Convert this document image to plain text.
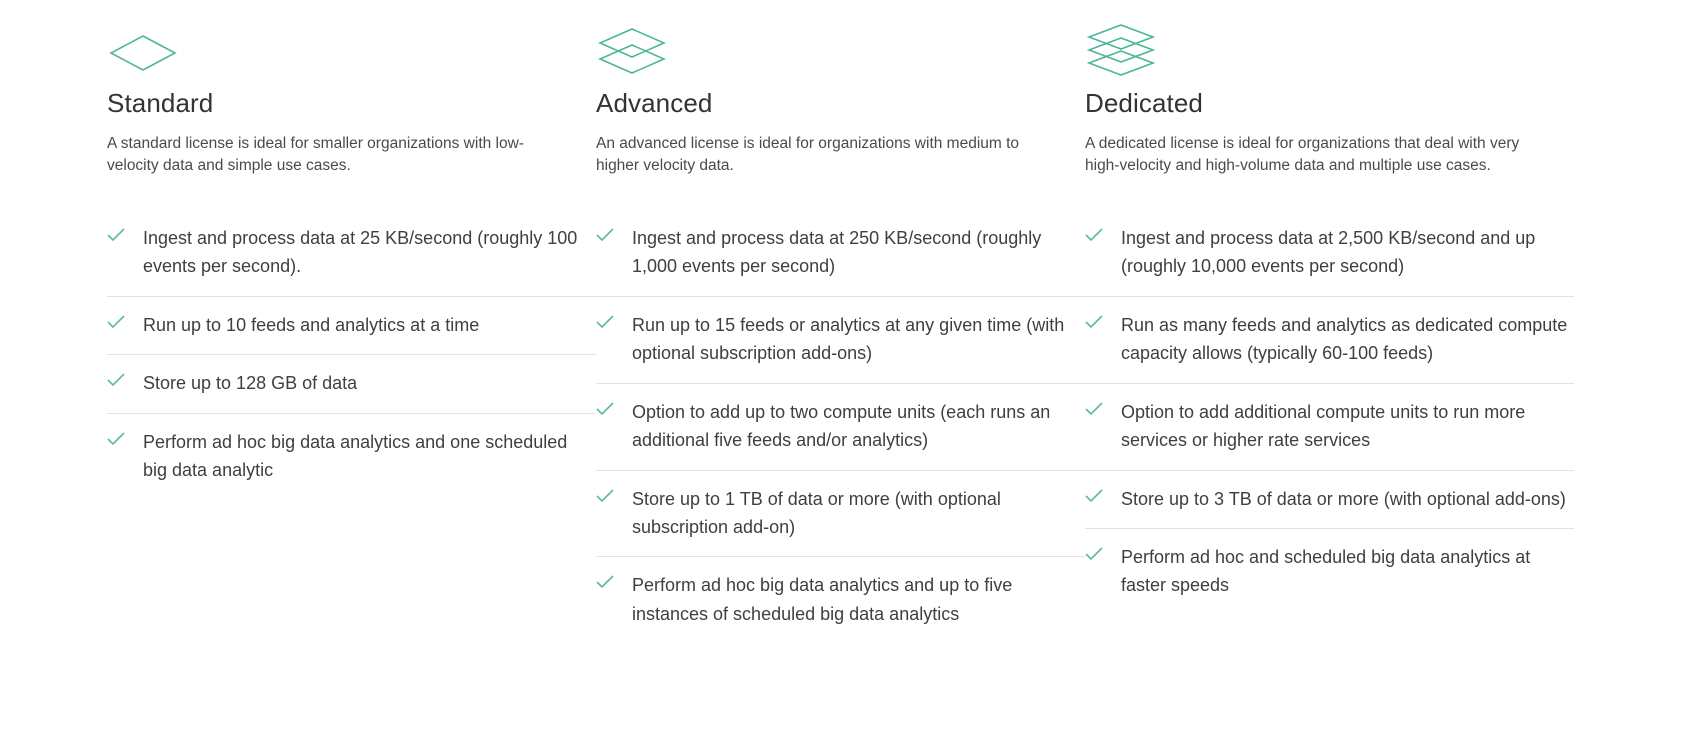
Standard

A standard license is ideal for smaller organizations with low-velocity data and simple use cases.

Ingest and process data at 25 KB/second (roughly 100 events per second).
Run up to 10 feeds and analytics at a time
Store up to 128 GB of data
Perform ad hoc big data analytics and one scheduled big data analytic
Advanced

An advanced license is ideal for organizations with medium to higher velocity data.

Ingest and process data at 250 KB/second (roughly 1,000 events per second)
Run up to 15 feeds or analytics at any given time (with optional subscription add-ons)
Option to add up to two compute units (each runs an additional five feeds and/or analytics)
Store up to 1 TB of data or more (with optional subscription add-on)
Perform ad hoc big data analytics and up to five instances of scheduled big data analytics
Dedicated

A dedicated license is ideal for organizations that deal with very high-velocity and high-volume data and multiple use cases.

Ingest and process data at 2,500 KB/second and up (roughly 10,000 events per second)
Run as many feeds and analytics as dedicated compute capacity allows (typically 60-100 feeds)
Option to add additional compute units to run more services or higher rate services
Store up to 3 TB of data or more (with optional add-ons)
Perform ad hoc and scheduled big data analytics at faster speeds
